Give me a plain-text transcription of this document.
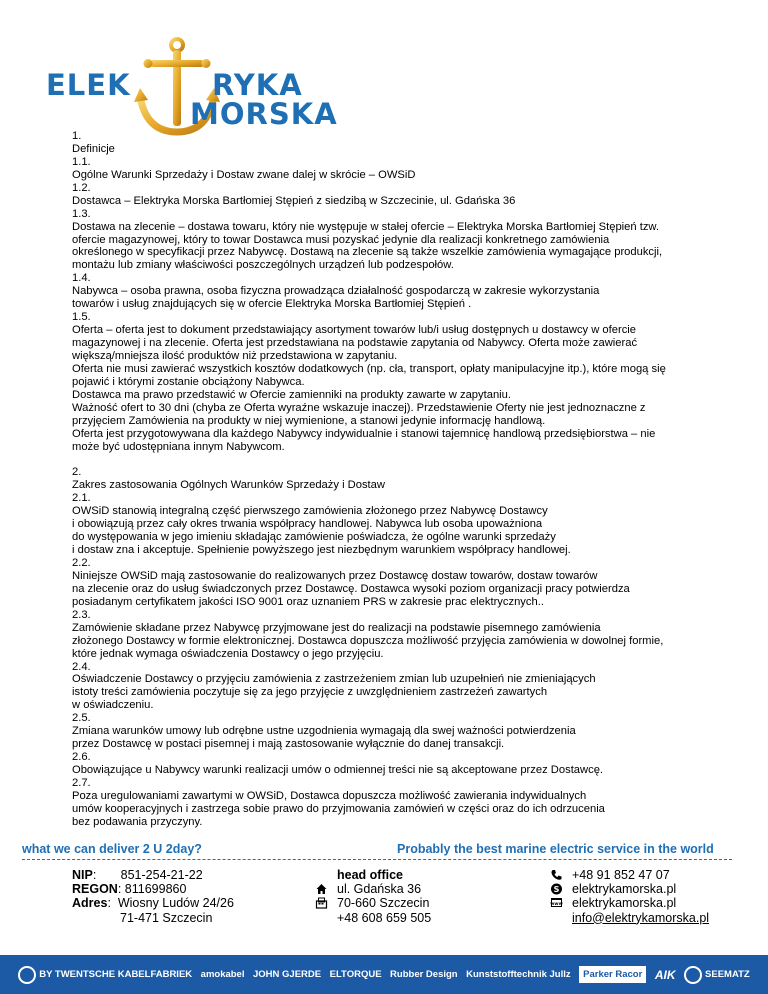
ELEK	RYKA
MORSKA
1.
Definicje
1.1.
Ogólne Warunki Sprzedaży i Dostaw zwane dalej w skrócie – OWSiD
1.2.
Dostawca – Elektryka Morska Bartłomiej Stępień z siedzibą w Szczecinie, ul. Gdańska 36
1.3.
Dostawa na zlecenie – dostawa towaru, który nie występuje w stałej ofercie – Elektryka Morska Bartłomiej Stępień tzw.
ofercie magazynowej, który to towar Dostawca musi pozyskać jedynie dla realizacji konkretnego zamówienia
określonego w specyfikacji przez Nabywcę. Dostawą na zlecenie są także wszelkie zamówienia wymagające produkcji,
montażu lub zmiany właściwości poszczególnych urządzeń lub podzespołów.
1.4.
Nabywca – osoba prawna, osoba fizyczna prowadząca działalność gospodarczą w zakresie wykorzystania
towarów i usług znajdujących się w ofercie Elektryka Morska Bartłomiej Stępień .
1.5.
Oferta – oferta jest to dokument przedstawiający asortyment towarów lub/i usług dostępnych u dostawcy w ofercie
magazynowej i na zlecenie. Oferta jest przedstawiana na podstawie zapytania od Nabywcy. Oferta może zawierać
większą/mniejsza ilość produktów niż przedstawiona w zapytaniu.
Oferta nie musi zawierać wszystkich kosztów dodatkowych (np. cła, transport, opłaty manipulacyjne itp.), które mogą się
pojawić i którymi zostanie obciążony Nabywca.
Dostawca ma prawo przedstawić w Ofercie zamienniki na produkty zawarte w zapytaniu.
Ważność ofert to 30 dni (chyba ze Oferta wyraźne wskazuje inaczej). Przedstawienie Oferty nie jest jednoznaczne z
przyjęciem Zamówienia na produkty w niej wymienione, a stanowi jedynie informację handlową.
Oferta jest przygotowywana dla każdego Nabywcy indywidualnie i stanowi tajemnicę handlową przedsiębiorstwa – nie
może być udostępniana innym Nabywcom.
2.
Zakres zastosowania Ogólnych Warunków Sprzedaży i Dostaw
2.1.
OWSiD stanowią integralną część pierwszego zamówienia złożonego przez Nabywcę Dostawcy
i obowiązują przez cały okres trwania współpracy handlowej. Nabywca lub osoba upoważniona
do występowania w jego imieniu składając zamówienie poświadcza, że ogólne warunki sprzedaży
i dostaw zna i akceptuje. Spełnienie powyższego jest niezbędnym warunkiem współpracy handlowej.
2.2.
Niniejsze OWSiD mają zastosowanie do realizowanych przez Dostawcę dostaw towarów, dostaw towarów
na zlecenie oraz do usług świadczonych przez Dostawcę. Dostawca wysoki poziom organizacji pracy potwierdza
posiadanym certyfikatem jakości ISO 9001 oraz uznaniem PRS w zakresie prac elektrycznych..
2.3.
Zamówienie składane przez Nabywcę przyjmowane jest do realizacji na podstawie pisemnego zamówienia
złożonego Dostawcy w formie elektronicznej. Dostawca dopuszcza możliwość przyjęcia zamówienia w dowolnej formie,
które jednak wymaga oświadczenia Dostawcy o jego przyjęciu.
2.4.
Oświadczenie Dostawcy o przyjęciu zamówienia z zastrzeżeniem zmian lub uzupełnień nie zmieniających
istoty treści zamówienia poczytuje się za jego przyjęcie z uwzględnieniem zastrzeżeń zawartych
w oświadczeniu.
2.5.
Zmiana warunków umowy lub odrębne ustne uzgodnienia wymagają dla swej ważności potwierdzenia
przez Dostawcę w postaci pisemnej i mają zastosowanie wyłącznie do danej transakcji.
2.6.
Obowiązujące u Nabywcy warunki realizacji umów o odmiennej treści nie są akceptowane przez Dostawcę.
2.7.
Poza uregulowaniami zawartymi w OWSiD, Dostawca dopuszcza możliwość zawierania indywidualnych
umów kooperacyjnych i zastrzega sobie prawo do przyjmowania zamówień w części oraz do ich odrzucenia
bez podawania przyczyny.
what we can deliver 2 U 2day?	Probably the best marine electric service in the world
NIP : 851-254-21-22
REGON : 811699860
Adres : Wiosny Ludów 24/26
71-471 Szczecin
head office
ul. Gdańska 36
70-660 Szczecin
+48 608 659 505
+48 91 852 47 07
S elektrykamorska.pl
www elektrykamorska.pl
info@elektrykamorska.pl
BY TWENTSCHE KABELFABRIEK amokabel JOHN GJERDE ELTORQUE Rubber Design Kunststofftechnik Jullz Parker Racor AIK	SEEMATZ
